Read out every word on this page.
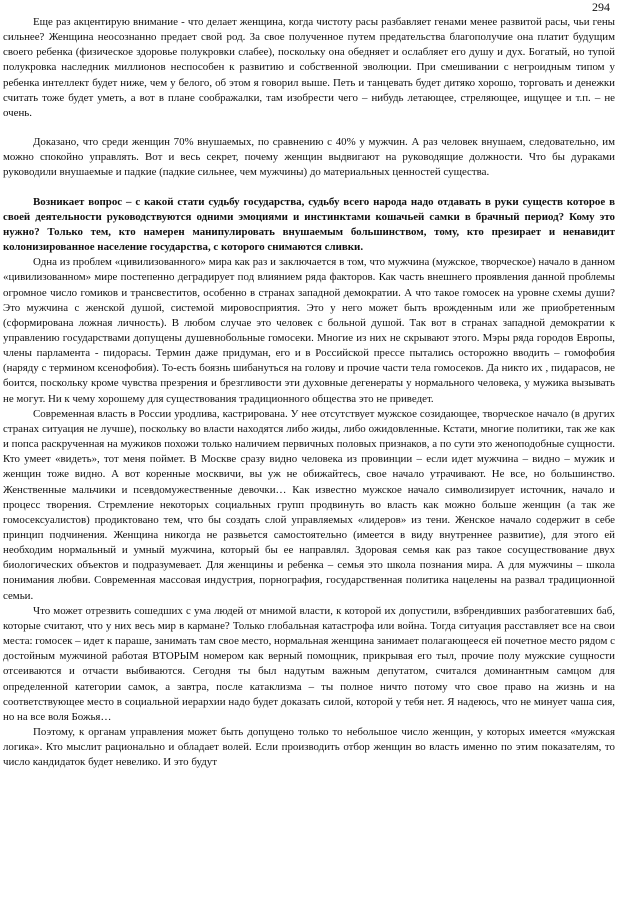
294

Еще раз акцентирую внимание - что делает женщина, когда чистоту расы разбавляет генами менее развитой расы, чьи гены сильнее? Женщина неосознанно предает свой род. За свое полученное путем предательства благополучие она платит будущим своего ребенка (физическое здоровье полукровки слабее), поскольку она обедняет и ослабляет его душу и дух. Богатый, но тупой полукровка наследник миллионов неспособен к развитию и собственной эволюции. При смешивании с негроидным типом у ребенка интеллект будет ниже, чем у белого, об этом я говорил выше. Петь и танцевать будет дитяко хорошо, торговать и денежки считать тоже будет уметь, а вот в плане соображалки, там изобрести чего – нибудь летающее, стреляющее, ищущее и т.п. – не очень.

Доказано, что среди женщин 70% внушаемых, по сравнению с 40% у мужчин. А раз человек внушаем, следовательно, им можно спокойно управлять. Вот и весь секрет, почему женщин выдвигают на руководящие должности. Что бы дураками руководили внушаемые и падкие (падкие сильнее, чем мужчины) до материальных ценностей существа.

Возникает вопрос – с какой стати судьбу государства, судьбу всего народа надо отдавать в руки существ которое в своей деятельности руководствуются одними эмоциями и инстинктами кошачьей самки в брачный период? Кому это нужно? Только тем, кто намерен манипулировать внушаемым большинством, тому, кто презирает и ненавидит колонизированное население государства, с которого снимаются сливки.

Одна из проблем «цивилизованного» мира как раз и заключается в том, что мужчина (мужское, творческое) начало в данном «цивилизованном» мире постепенно деградирует под влиянием ряда факторов. Как часть внешнего проявления данной проблемы огромное число гомиков и трансвеститов, особенно в странах западной демократии. А что такое гомосек на уровне схемы души? Это мужчина с женской душой, системой мировосприятия. Это у него может быть врожденным или же приобретенным (сформирована ложная личность). В любом случае это человек с больной душой. Так вот в странах западной демократии к управлению государствами допущены душевнобольные гомосеки. Многие из них не скрывают этого. Мэры ряда городов Европы, члены парламента - пидорасы. Термин даже придуман, его и в Российской прессе пытались осторожно вводить – гомофобия (наряду с термином ксенофобия). То-есть боязнь шибануться на голову и прочие части тела гомосеков. Да никто их , пидарасов, не боится, поскольку кроме чувства презрения и брезгливости эти духовные дегенераты у нормального человека, у мужика вызывать не могут. Ни к чему хорошему для существования традиционного общества это не приведет.

Современная власть в России уродлива, кастрирована. У нее отсутствует мужское созидающее, творческое начало (в других странах ситуация не лучше), поскольку во власти находятся либо жиды, либо ожидовленные. Кстати, многие политики, так же как и попса раскрученная на мужиков похожи только наличием первичных половых признаков, а по сути это женоподобные сущности. Кто умеет «видеть», тот меня поймет. В Москве сразу видно человека из провинции – если идет мужчина – видно – мужик и женщин тоже видно. А вот коренные москвичи, вы уж не обижайтесь, свое начало утрачивают. Не все, но большинство. Женственные мальчики и псевдомужественные девочки… Как известно мужское начало символизирует источник, начало и процесс творения. Стремление некоторых социальных групп продвинуть во власть как можно больше женщин (а так же гомосексуалистов) продиктовано тем, что бы создать слой управляемых «лидеров» из тени. Женское начало содержит в себе принцип подчинения. Женщина никогда не развьется самостоятельно (имеется в виду внутреннее развитие), для этого ей необходим нормальный и умный мужчина, который бы ее направлял. Здоровая семья как раз такое сосуществование двух биологических объектов и подразумевает. Для женщины и ребенка – семья это школа познания мира. А для мужчины – школа понимания любви. Современная массовая индустрия, порнография, государственная политика нацелены на развал традиционной семьи.

Что может отрезвить сошедших с ума людей от мнимой власти, к которой их допустили, взбрендивших разбогатевших баб, которые считают, что у них весь мир в кармане? Только глобальная катастрофа или война. Тогда ситуация расставляет все на свои места: гомосек – идет к параше, занимать там свое место, нормальная женщина занимает полагающееся ей почетное место рядом с достойным мужчиной работая ВТОРЫМ номером как верный помощник, прикрывая его тыл, прочие полу мужские сущности отсеиваются и отчасти выбиваются. Сегодня ты был надутым важным депутатом, считался доминантным самцом для определенной категории самок, а завтра, после катаклизма – ты полное ничто потому что свое право на жизнь и на соответствующее место в социальной иерархии надо будет доказать силой, которой у тебя нет. Я надеюсь, что не минует чаша сия, но на все воля Божья…

Поэтому, к органам управления может быть допущено только то небольшое число женщин, у которых имеется «мужская логика». Кто мыслит рационально и обладает волей. Если производить отбор женщин во власть именно по этим показателям, то число кандидаток будет невелико. И это будут
